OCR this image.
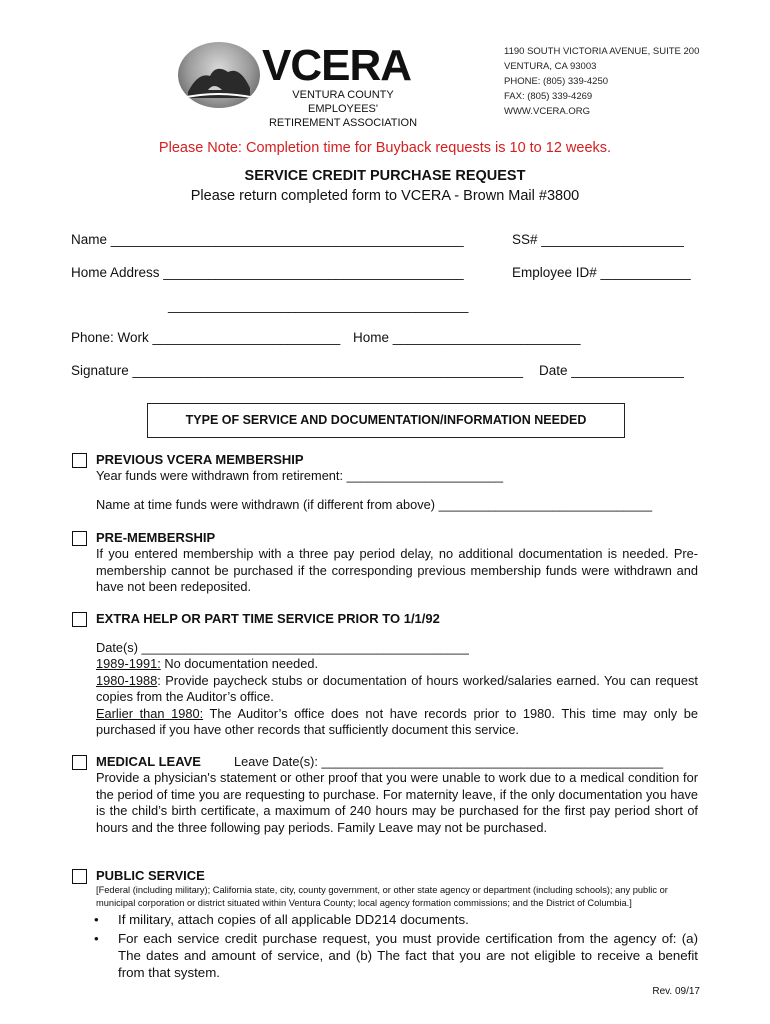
VCERA
VENTURA COUNTY EMPLOYEES'
RETIREMENT ASSOCIATION
1190 SOUTH VICTORIA AVENUE, SUITE 200
VENTURA, CA 93003
PHONE: (805) 339-4250
FAX: (805) 339-4269
WWW.VCERA.ORG
Please Note: Completion time for Buyback requests is 10 to 12 weeks.
SERVICE CREDIT PURCHASE REQUEST
Please return completed form to VCERA - Brown Mail #3800
Name _______________________________________________	SS# ___________________
Home Address ________________________________________	Employee ID# ____________
________________________________________
Phone: Work _________________________ Home _________________________
Signature ____________________________________________________ Date _______________
TYPE OF SERVICE AND DOCUMENTATION/INFORMATION NEEDED
PREVIOUS VCERA MEMBERSHIP
Year funds were withdrawn from retirement: ______________________
Name at time funds were withdrawn (if different from above) ______________________________
PRE-MEMBERSHIP
If you entered membership with a three pay period delay, no additional documentation is needed. Pre-membership cannot be purchased if the corresponding previous membership funds were withdrawn and have not been redeposited.
EXTRA HELP OR PART TIME SERVICE PRIOR TO 1/1/92
Date(s) ______________________________________________
1989-1991: No documentation needed.
1980-1988: Provide paycheck stubs or documentation of hours worked/salaries earned. You can request copies from the Auditor’s office.
Earlier than 1980: The Auditor’s office does not have records prior to 1980. This time may only be purchased if you have other records that sufficiently document this service.
MEDICAL LEAVE	Leave Date(s): ________________________________________________
Provide a physician's statement or other proof that you were unable to work due to a medical condition for the period of time you are requesting to purchase. For maternity leave, if the only documentation you have is the child’s birth certificate, a maximum of 240 hours may be purchased for the first pay period short of hours and the three following pay periods. Family Leave may not be purchased.
PUBLIC SERVICE
[Federal (including military); California state, city, county government, or other state agency or department (including schools); any public or municipal corporation or district situated within Ventura County; local agency formation commissions; and the District of Columbia.]
• If military, attach copies of all applicable DD214 documents.
• For each service credit purchase request, you must provide certification from the agency of: (a) The dates and amount of service, and (b) The fact that you are not eligible to receive a benefit from that system.
Rev. 09/17
